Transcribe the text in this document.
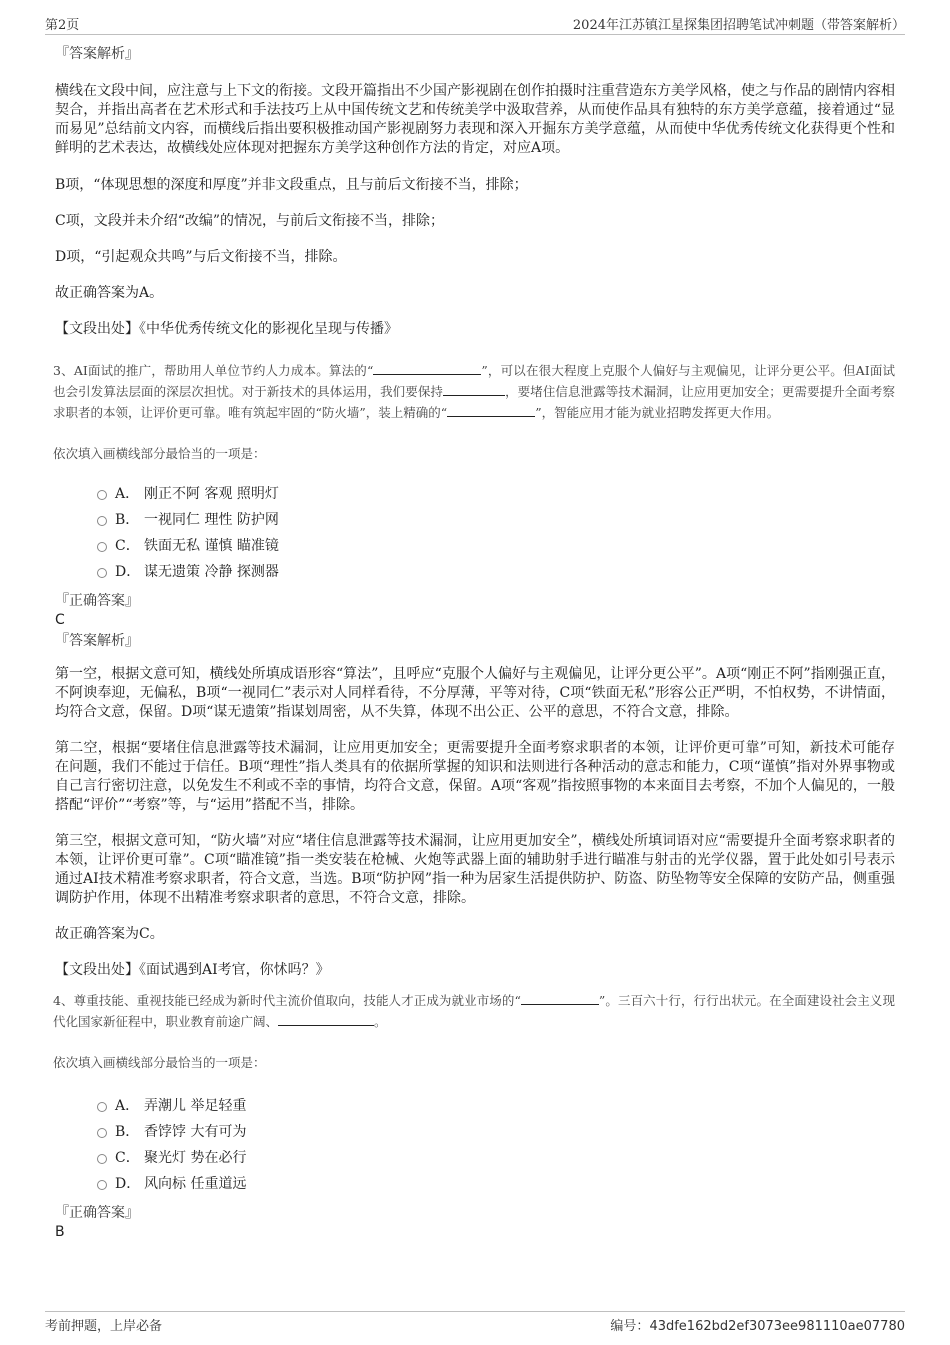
第2页	2024年江苏镇江星探集团招聘笔试冲刺题（带答案解析）

『答案解析』

横线在文段中间，应注意与上下文的衔接。文段开篇指出不少国产影视剧在创作拍摄时注重营造东方美学风格，使之与作品的剧情内容相契合，并指出高者在艺术形式和手法技巧上从中国传统文艺和传统美学中汲取营养，从而使作品具有独特的东方美学意蕴，接着通过“显而易见”总结前文内容，而横线后指出要积极推动国产影视剧努力表现和深入开掘东方美学意蕴，从而使中华优秀传统文化获得更个性和鲜明的艺术表达，故横线处应体现对把握东方美学这种创作方法的肯定，对应A项。

B项，“体现思想的深度和厚度”并非文段重点，且与前后文衔接不当，排除；

C项，文段并未介绍“改编”的情况，与前后文衔接不当，排除；

D项，“引起观众共鸣”与后文衔接不当，排除。

故正确答案为A。

【文段出处】《中华优秀传统文化的影视化呈现与传播》

3、AI面试的推广，帮助用人单位节约人力成本。算法的“	”，可以在很大程度上克服个人偏好与主观偏见，让评分更公平。但AI面试也会引发算法层面的深层次担忧。对于新技术的具体运用，我们要保持	，要堵住信息泄露等技术漏洞，让应用更加安全；更需要提升全面考察求职者的本领，让评价更可靠。唯有筑起牢固的“防火墙”，装上精确的“	”，智能应用才能为就业招聘发挥更大作用。

依次填入画横线部分最恰当的一项是：

A． 刚正不阿 客观 照明灯
B． 一视同仁 理性 防护网
C． 铁面无私 谨慎 瞄准镜
D． 谋无遗策 冷静 探测器

『正确答案』

C

『答案解析』

第一空，根据文意可知，横线处所填成语形容“算法”，且呼应“克服个人偏好与主观偏见，让评分更公平”。A项“刚正不阿”指刚强正直，不阿谀奉迎，无偏私，B项“一视同仁”表示对人同样看待，不分厚薄，平等对待，C项“铁面无私”形容公正严明，不怕权势，不讲情面，均符合文意，保留。D项“谋无遗策”指谋划周密，从不失算，体现不出公正、公平的意思，不符合文意，排除。

第二空，根据“要堵住信息泄露等技术漏洞，让应用更加安全；更需要提升全面考察求职者的本领，让评价更可靠”可知，新技术可能存在问题，我们不能过于信任。B项“理性”指人类具有的依据所掌握的知识和法则进行各种活动的意志和能力，C项“谨慎”指对外界事物或自己言行密切注意，以免发生不利或不幸的事情，均符合文意，保留。A项“客观”指按照事物的本来面目去考察，不加个人偏见的，一般搭配“评价”“考察”等，与“运用”搭配不当，排除。

第三空，根据文意可知，“防火墙”对应“堵住信息泄露等技术漏洞，让应用更加安全”，横线处所填词语对应“需要提升全面考察求职者的本领，让评价更可靠”。C项“瞄准镜”指一类安装在枪械、火炮等武器上面的辅助射手进行瞄准与射击的光学仪器，置于此处如引号表示通过AI技术精准考察求职者，符合文意，当选。B项“防护网”指一种为居家生活提供防护、防盗、防坠物等安全保障的安防产品，侧重强调防护作用，体现不出精准考察求职者的意思，不符合文意，排除。

故正确答案为C。

【文段出处】《面试遇到AI考官，你怵吗？》

4、尊重技能、重视技能已经成为新时代主流价值取向，技能人才正成为就业市场的“	”。三百六十行，行行出状元。在全面建设社会主义现代化国家新征程中，职业教育前途广阔、	。

依次填入画横线部分最恰当的一项是：

A． 弄潮儿 举足轻重
B． 香饽饽 大有可为
C． 聚光灯 势在必行
D． 风向标 任重道远

『正确答案』

B

考前押题，上岸必备	编号：43dfe162bd2ef3073ee981110ae07780
